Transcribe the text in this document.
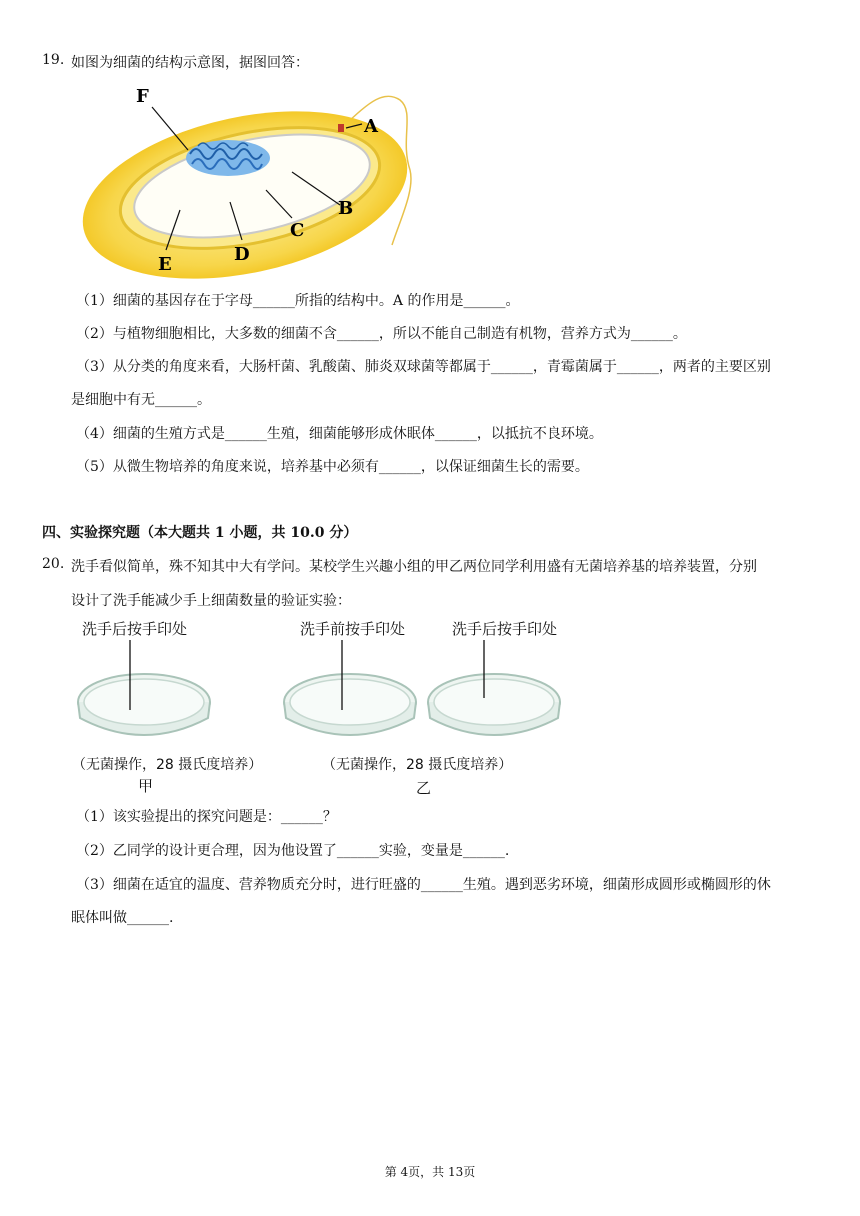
19. 如图为细菌的结构示意图，据图回答：
F
A
B
C
D
E
（1）细菌的基因存在于字母______所指的结构中。A 的作用是______。
（2）与植物细胞相比，大多数的细菌不含______，所以不能自己制造有机物，营养方式为______。
（3）从分类的角度来看，大肠杆菌、乳酸菌、肺炎双球菌等都属于______，青霉菌属于______，两者的主要区别
是细胞中有无______。
（4）细菌的生殖方式是______生殖，细菌能够形成休眠体______，以抵抗不良环境。
（5）从微生物培养的角度来说，培养基中必须有______，以保证细菌生长的需要。
四、实验探究题（本大题共 1 小题，共 10.0 分）
20. 洗手看似简单，殊不知其中大有学问。某校学生兴趣小组的甲乙两位同学利用盛有无菌培养基的培养装置，分别
设计了洗手能减少手上细菌数量的验证实验：
洗手后按手印处	洗手前按手印处	洗手后按手印处
（无菌操作，28 摄氏度培养）	（无菌操作，28 摄氏度培养）
甲	乙
（1）该实验提出的探究问题是：______？
（2）乙同学的设计更合理，因为他设置了______实验，变量是______.
（3）细菌在适宜的温度、营养物质充分时，进行旺盛的______生殖。遇到恶劣环境，细菌形成圆形或椭圆形的休
眠体叫做______.
第 4页，共 13页
